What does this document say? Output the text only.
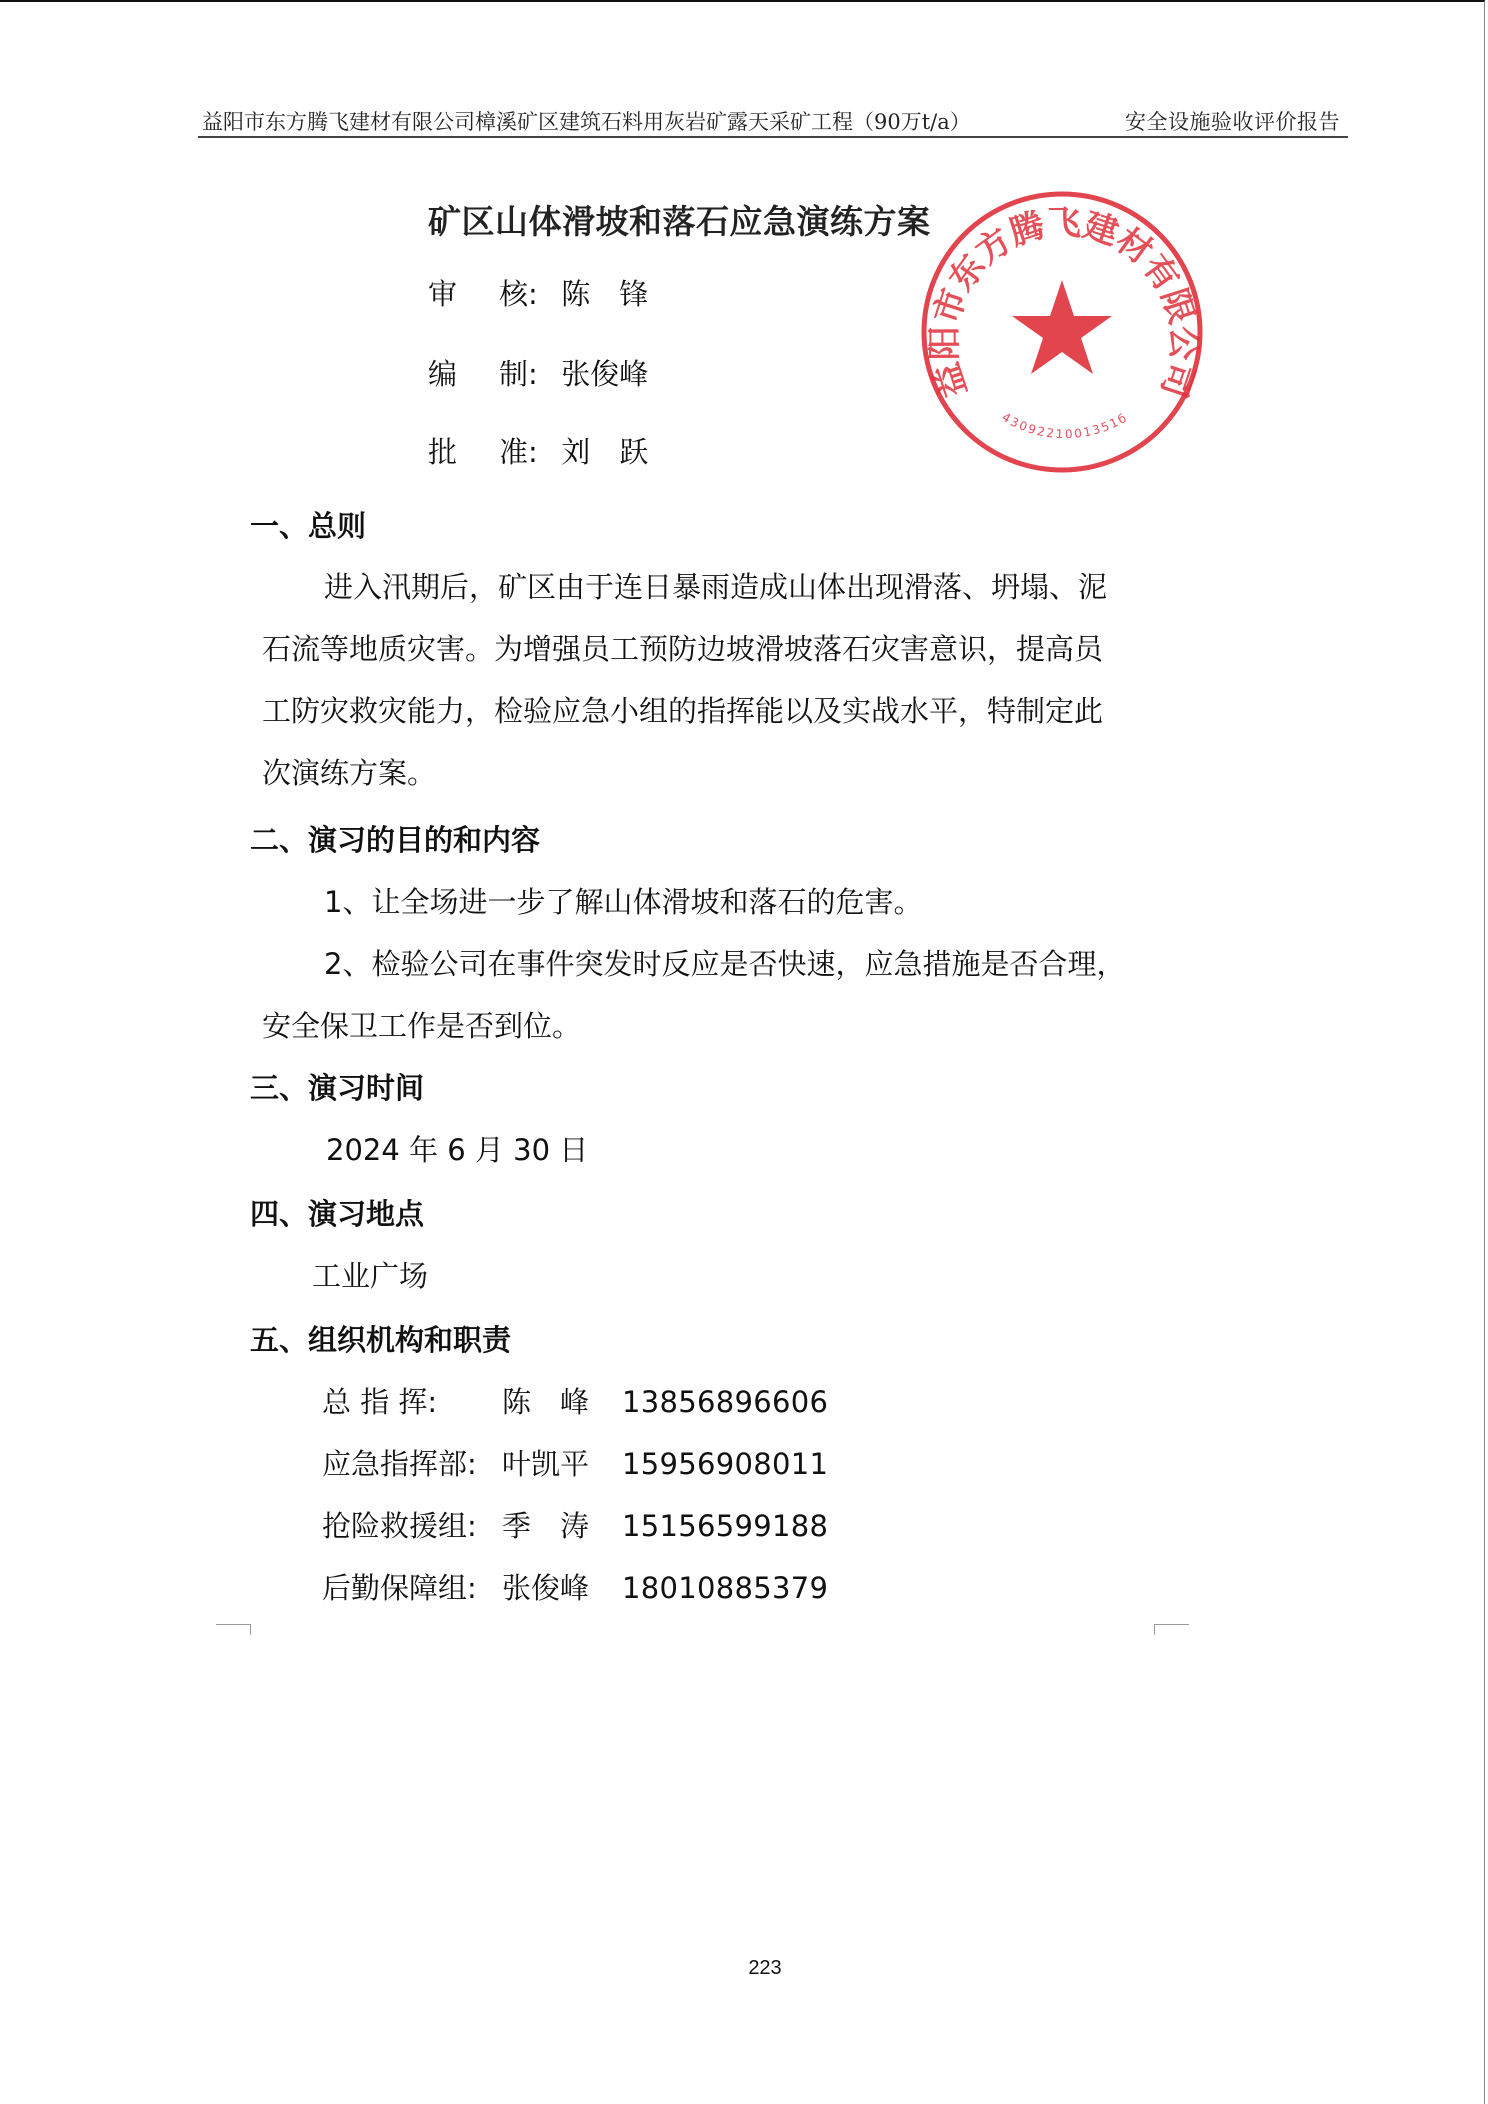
益阳市东方腾飞建材有限公司樟溪矿区建筑石料用灰岩矿露天采矿工程（90万t/a）	安全设施验收评价报告
矿区山体滑坡和落石应急演练方案
审 核: 陈　锋
编 制: 张俊峰
批 准: 刘　跃
益阳市东方腾飞建材有限公司
4309221001351б
一、总则
进入汛期后，矿区由于连日暴雨造成山体出现滑落、坍塌、泥
石流等地质灾害。为增强员工预防边坡滑坡落石灾害意识，提高员
工防灾救灾能力，检验应急小组的指挥能以及实战水平，特制定此
次演练方案。
二、演习的目的和内容
1、让全场进一步了解山体滑坡和落石的危害。
2、检验公司在事件突发时反应是否快速，应急措施是否合理，
安全保卫工作是否到位。
三、演习时间
2024 年 6 月 30 日
四、演习地点
工业广场
五、组织机构和职责
总 指 挥: 陈　峰 13856896606
应急指挥部: 叶凯平 15956908011
抢险救援组: 季　涛 15156599188
后勤保障组: 张俊峰 18010885379
223
